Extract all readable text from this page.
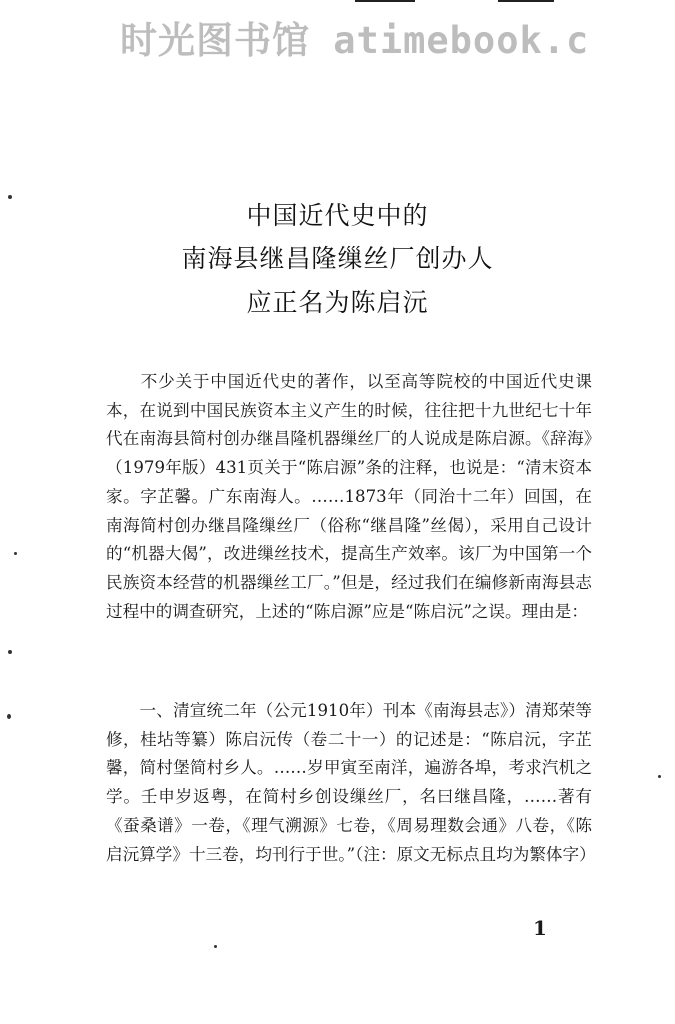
时光图书馆 atimebook.c
中国近代史中的
南海县继昌隆缫丝厂创办人
应正名为陈启沅

　　不少关于中国近代史的著作，以至高等院校的中国近代史课本，在说到中国民族资本主义产生的时候，往往把十九世纪七十年代在南海县简村创办继昌隆机器缫丝厂的人说成是陈启源。《辞海》（1979年版）431页关于“陈启源”条的注释，也说是：“清末资本家。字芷馨。广东南海人。……1873年（同治十二年）回国，在南海简村创办继昌隆缫丝厂（俗称“继昌隆”丝偈），采用自己设计的“机器大偈”，改进缫丝技术，提高生产效率。该厂为中国第一个民族资本经营的机器缫丝工厂。”但是，经过我们在编修新南海县志过程中的调查研究，上述的“陈启源”应是“陈启沅”之误。理由是：

　　一、清宣统二年（公元1910年）刊本《南海县志》）清郑荣等修，桂坫等纂）陈启沅传（卷二十一）的记述是：“陈启沅，字芷馨，简村堡简村乡人。……岁甲寅至南洋，遍游各埠，考求汽机之学。壬申岁返粤，在简村乡创设缫丝厂，名曰继昌隆，……著有《蚕桑谱》一卷，《理气溯源》七卷，《周易理数会通》八卷，《陈启沅算学》十三卷，均刊行于世。”（注：原文无标点且均为繁体字）

1
